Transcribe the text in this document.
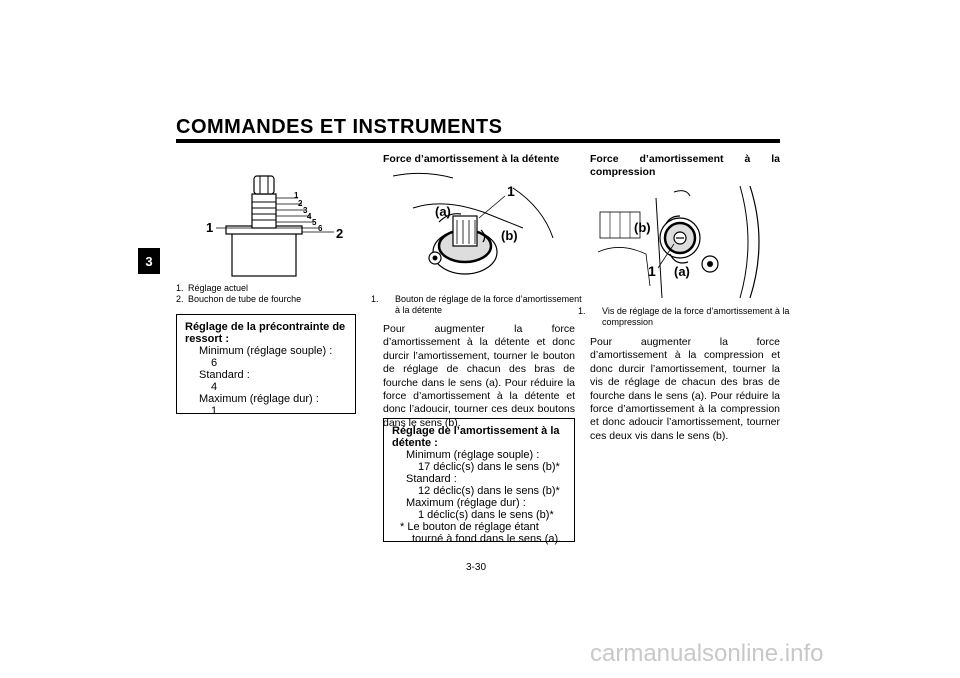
COMMANDES ET INSTRUMENTS
3
1
2
3
4
5
6
1	2
1. Réglage actuel
2. Bouchon de tube de fourche
Réglage de la précontrainte de ressort :
Minimum (réglage souple) :
6
Standard :
4
Maximum (réglage dur) :
1
Force d’amortissement à la détente
1
(a)
(b)
1. Bouton de réglage de la force d’amortissement à la détente
Pour augmenter la force d’amortissement à la détente et donc durcir l’amortissement, tourner le bouton de réglage de chacun des bras de fourche dans le sens (a). Pour réduire la force d’amortissement à la détente et donc l’adoucir, tourner ces deux boutons dans le sens (b).
Réglage de l’amortissement à la détente :
Minimum (réglage souple) :
17 déclic(s) dans le sens (b)*
Standard :
12 déclic(s) dans le sens (b)*
Maximum (réglage dur) :
1 déclic(s) dans le sens (b)*
* Le bouton de réglage étant tourné à fond dans le sens (a).
Force d’amortissement à la compression
1
(b)
(a)
1. Vis de réglage de la force d’amortissement à la compression
Pour augmenter la force d’amortissement à la compression et donc durcir l’amortissement, tourner la vis de réglage de chacun des bras de fourche dans le sens (a). Pour réduire la force d’amortissement à la compression et donc adoucir l’amortissement, tourner ces deux vis dans le sens (b).
3-30
carmanualsonline.info
